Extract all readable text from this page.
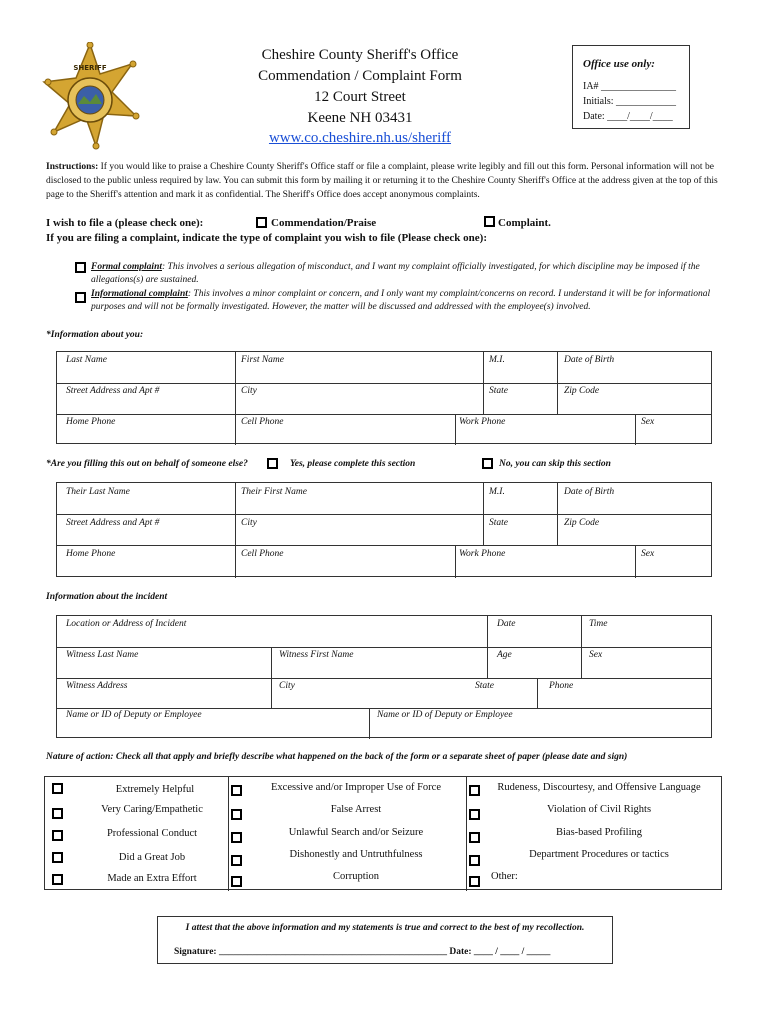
SHERIFF
Cheshire County Sheriff's Office
Commendation / Complaint Form
12 Court Street
Keene NH 03431
www.co.cheshire.nh.us/sheriff
Office use only:
IA# _______________
Initials: ____________
Date: ____/____/____
Instructions: If you would like to praise a Cheshire County Sheriff's Office staff or file a complaint, please write legibly and fill out this form. Personal information will not be disclosed to the public unless required by law. You can submit this form by mailing it or returning it to the Cheshire County Sheriff's Office at the address given at the top of this page to the Sheriff's attention and mark it as confidential. The Sheriff's Office does accept anonymous complaints.
I wish to file a (please check one):	Commendation/Praise	Complaint.
If you are filing a complaint, indicate the type of complaint you wish to file (Please check one):
Formal complaint: This involves a serious allegation of misconduct, and I want my complaint officially investigated, for which discipline may be imposed if the allegations(s) are sustained.
Informational complaint: This involves a minor complaint or concern, and I only want my complaint/concerns on record. I understand it will be for informational purposes and will not be formally investigated. However, the matter will be discussed and addressed with the employee(s) involved.
*Information about you:
Last Name	First Name	M.I.	Date of Birth
Street Address and Apt #	City	State	Zip Code
Home Phone	Cell Phone	Work Phone	Sex
*Are you filling this out on behalf of someone else?	Yes, please complete this section	No, you can skip this section
Their Last Name	Their First Name	M.I.	Date of Birth
Street Address and Apt #	City	State	Zip Code
Home Phone	Cell Phone	Work Phone	Sex
Information about the incident
Location or Address of Incident	Date	Time
Witness Last Name	Witness First Name	Age	Sex
Witness Address	City	State	Phone
Name or ID of Deputy or Employee	Name or ID of Deputy or Employee
Nature of action: Check all that apply and briefly describe what happened on the back of the form or a separate sheet of paper (please date and sign)
Extremely Helpful
Very Caring/Empathetic
Professional Conduct
Did a Great Job
Made an Extra Effort
Excessive and/or Improper Use of Force
False Arrest
Unlawful Search and/or Seizure
Dishonestly and Untruthfulness
Corruption
Rudeness, Discourtesy, and Offensive Language
Violation of Civil Rights
Bias-based Profiling
Department Procedures or tactics
Other:
I attest that the above information and my statements is true and correct to the best of my recollection.
Signature: ________________________________________________ Date: ____ / ____ / _____
